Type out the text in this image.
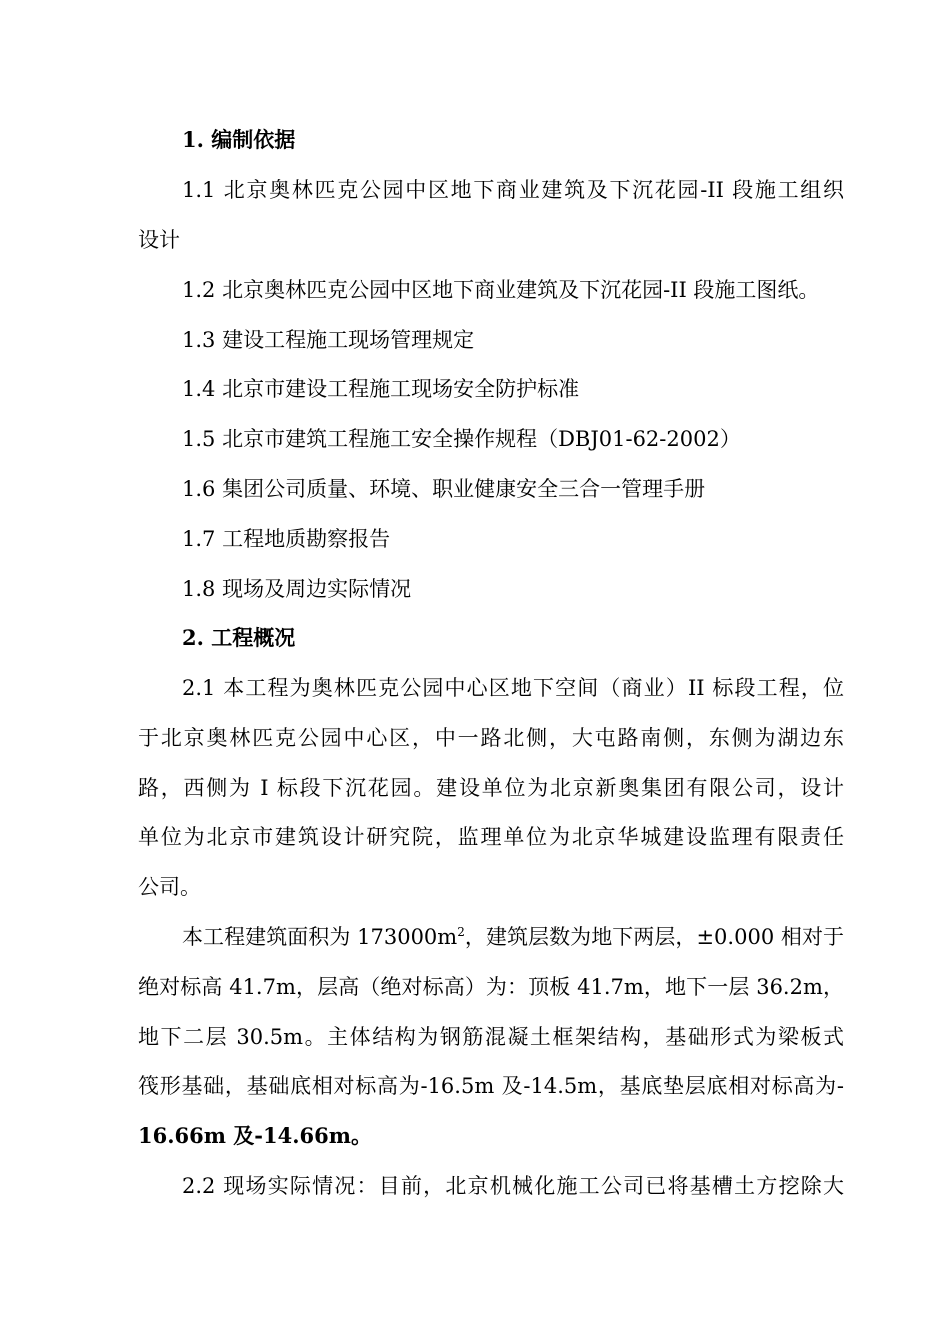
1. 编制依据
1.1 北京奥林匹克公园中区地下商业建筑及下沉花园-II 段施工组织
设计
1.2 北京奥林匹克公园中区地下商业建筑及下沉花园-II 段施工图纸。
1.3 建设工程施工现场管理规定
1.4 北京市建设工程施工现场安全防护标准
1.5 北京市建筑工程施工安全操作规程（DBJ01-62-2002）
1.6 集团公司质量、环境、职业健康安全三合一管理手册
1.7 工程地质勘察报告
1.8 现场及周边实际情况
2. 工程概况
2.1 本工程为奥林匹克公园中心区地下空间（商业）II 标段工程，位
于北京奥林匹克公园中心区，中一路北侧，大屯路南侧，东侧为湖边东
路，西侧为 I 标段下沉花园。建设单位为北京新奥集团有限公司，设计
单位为北京市建筑设计研究院，监理单位为北京华城建设监理有限责任
公司。
本工程建筑面积为 $173000m^2$，建筑层数为地下两层，±0.000 相对于
绝对标高 41.7m，层高（绝对标高）为：顶板 41.7m，地下一层 36.2m，
地下二层 30.5m。主体结构为钢筋混凝土框架结构，基础形式为梁板式
筏形基础，基础底相对标高为-16.5m 及-14.5m，基底垫层底相对标高为-
16.66m 及-14.66m。
2.2 现场实际情况：目前，北京机械化施工公司已将基槽土方挖除大
